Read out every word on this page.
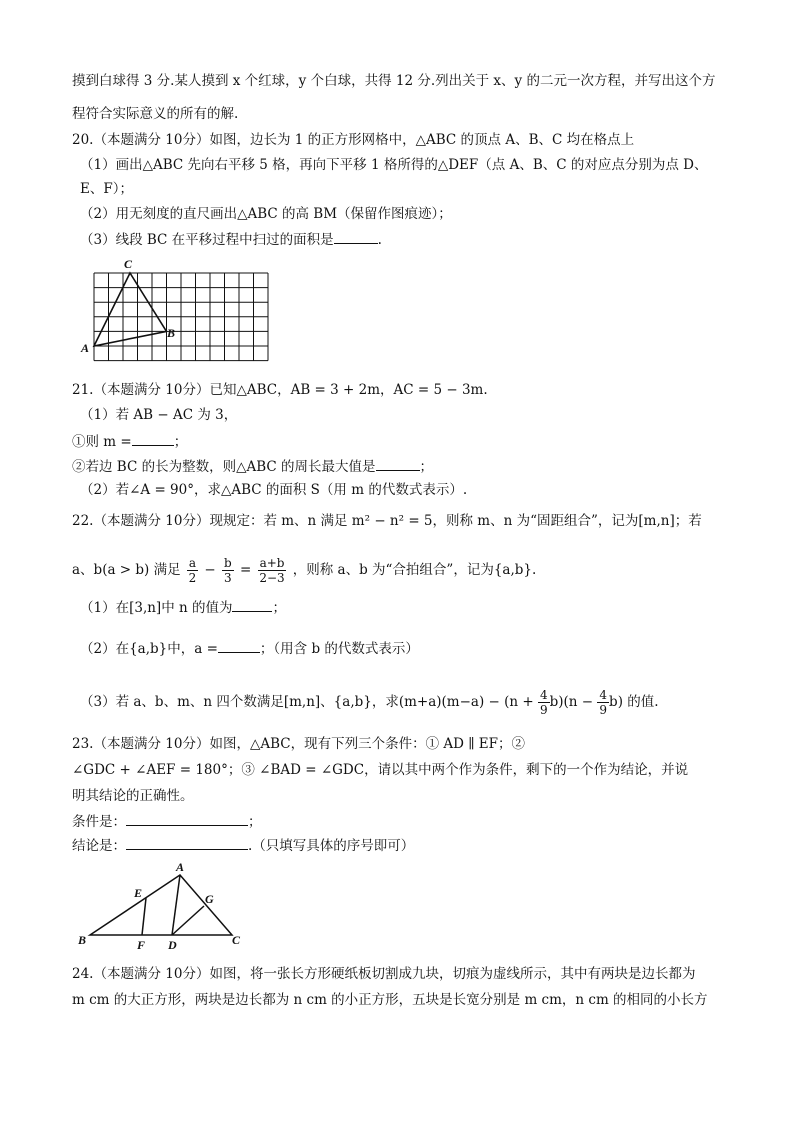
摸到白球得 3 分.某人摸到 x 个红球，y 个白球，共得 12 分.列出关于 x、y 的二元一次方程，并写出这个方
程符合实际意义的所有的解.
20.（本题满分 10分）如图，边长为 1 的正方形网格中，△ABC 的顶点 A、B、C 均在格点上
（1）画出△ABC 先向右平移 5 格，再向下平移 1 格所得的△DEF（点 A、B、C 的对应点分别为点 D、
E、F）；
（2）用无刻度的直尺画出△ABC 的高 BM（保留作图痕迹）；
（3）线段 BC 在平移过程中扫过的面积是	.
C
B
A
21.（本题满分 10分）已知△ABC，AB = 3 + 2m，AC = 5 − 3m.
（1）若 AB − AC 为 3，
①则 m =	；
②若边 BC 的长为整数，则△ABC 的周长最大值是	；
（2）若∠A = 90°，求△ABC 的面积 S（用 m 的代数式表示）.
22.（本题满分 10分）现规定：若 m、n 满足 m² − n² = 5，则称 m、n 为“固距组合”，记为[m,n]；若
a、b(a > b) 满足 $\frac{a}{2} - \frac{b}{3} = \frac{a+b}{2-3}$ ，则称 a、b 为“合拍组合”，记为{a,b}.
（1）在[3,n]中 n 的值为	；
（2）在{a,b}中，a =	；（用含 b 的代数式表示）
（3）若 a、b、m、n 四个数满足[m,n]、{a,b}，求$(m+a)(m-a) - (n + \frac{4}{9} b)(n - \frac{4}{9} b)$ 的值.
23.（本题满分 10分）如图，△ABC，现有下列三个条件：① AD ∥ EF；②
∠GDC + ∠AEF = 180°；③ ∠BAD = ∠GDC，请以其中两个作为条件，剩下的一个作为结论，并说
明其结论的正确性。
条件是：	；
结论是：	.（只填写具体的序号即可）
A
E	G
B	F D	C
24.（本题满分 10分）如图，将一张长方形硬纸板切割成九块，切痕为虚线所示，其中有两块是边长都为
m cm 的大正方形，两块是边长都为 n cm 的小正方形，五块是长宽分别是 m cm，n cm 的相同的小长方
